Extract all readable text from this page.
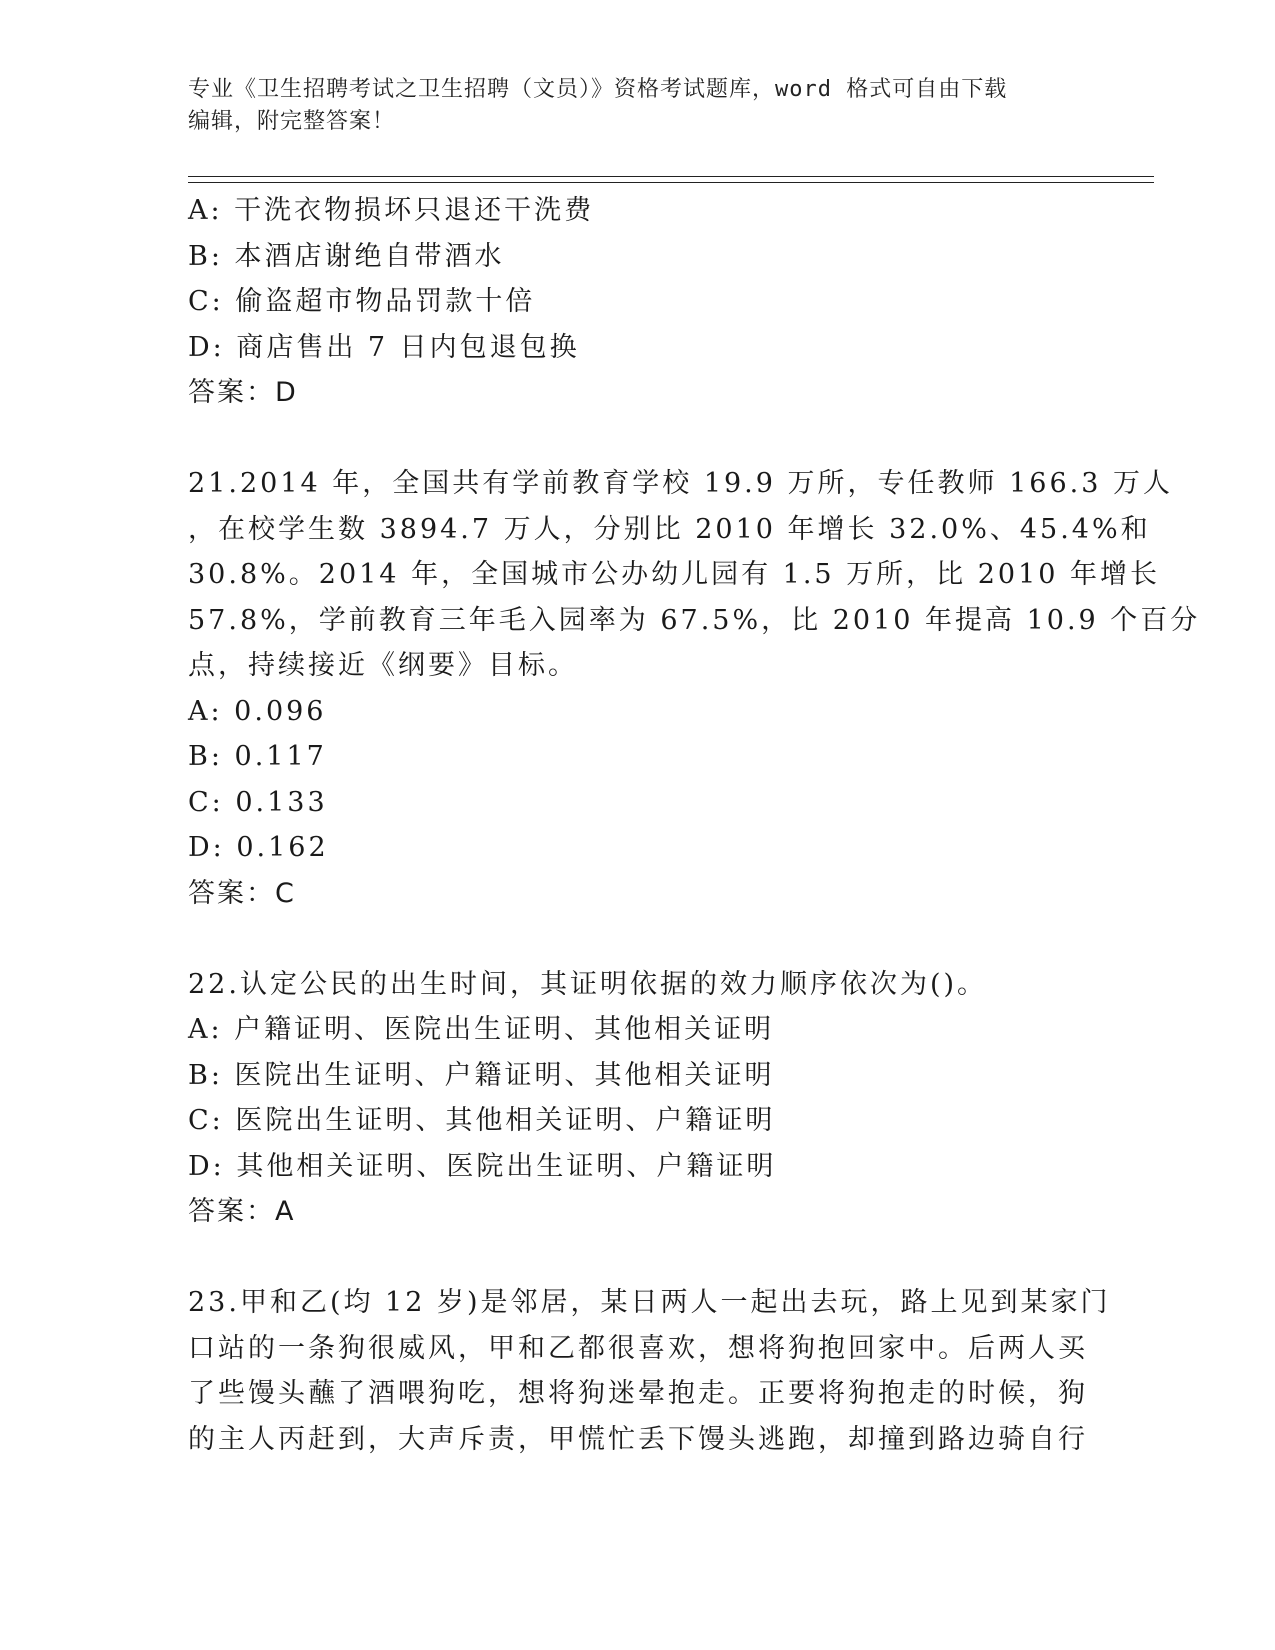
专业《卫生招聘考试之卫生招聘（文员）》资格考试题库，word 格式可自由下载
编辑，附完整答案！
A: 干洗衣物损坏只退还干洗费
B: 本酒店谢绝自带酒水
C: 偷盗超市物品罚款十倍
D: 商店售出 7 日内包退包换
答案：D
21.2014 年，全国共有学前教育学校 19.9 万所，专任教师 166.3 万人
，在校学生数 3894.7 万人，分别比 2010 年增长 32.0%、45.4%和
30.8%。2014 年，全国城市公办幼儿园有 1.5 万所，比 2010 年增长
57.8%，学前教育三年毛入园率为 67.5%，比 2010 年提高 10.9 个百分
点，持续接近《纲要》目标。
A: 0.096
B: 0.117
C: 0.133
D: 0.162
答案：C
22.认定公民的出生时间，其证明依据的效力顺序依次为()。
A: 户籍证明、医院出生证明、其他相关证明
B: 医院出生证明、户籍证明、其他相关证明
C: 医院出生证明、其他相关证明、户籍证明
D: 其他相关证明、医院出生证明、户籍证明
答案：A
23.甲和乙(均 12 岁)是邻居，某日两人一起出去玩，路上见到某家门
口站的一条狗很威风，甲和乙都很喜欢，想将狗抱回家中。后两人买
了些馒头蘸了酒喂狗吃，想将狗迷晕抱走。正要将狗抱走的时候，狗
的主人丙赶到，大声斥责，甲慌忙丢下馒头逃跑，却撞到路边骑自行
